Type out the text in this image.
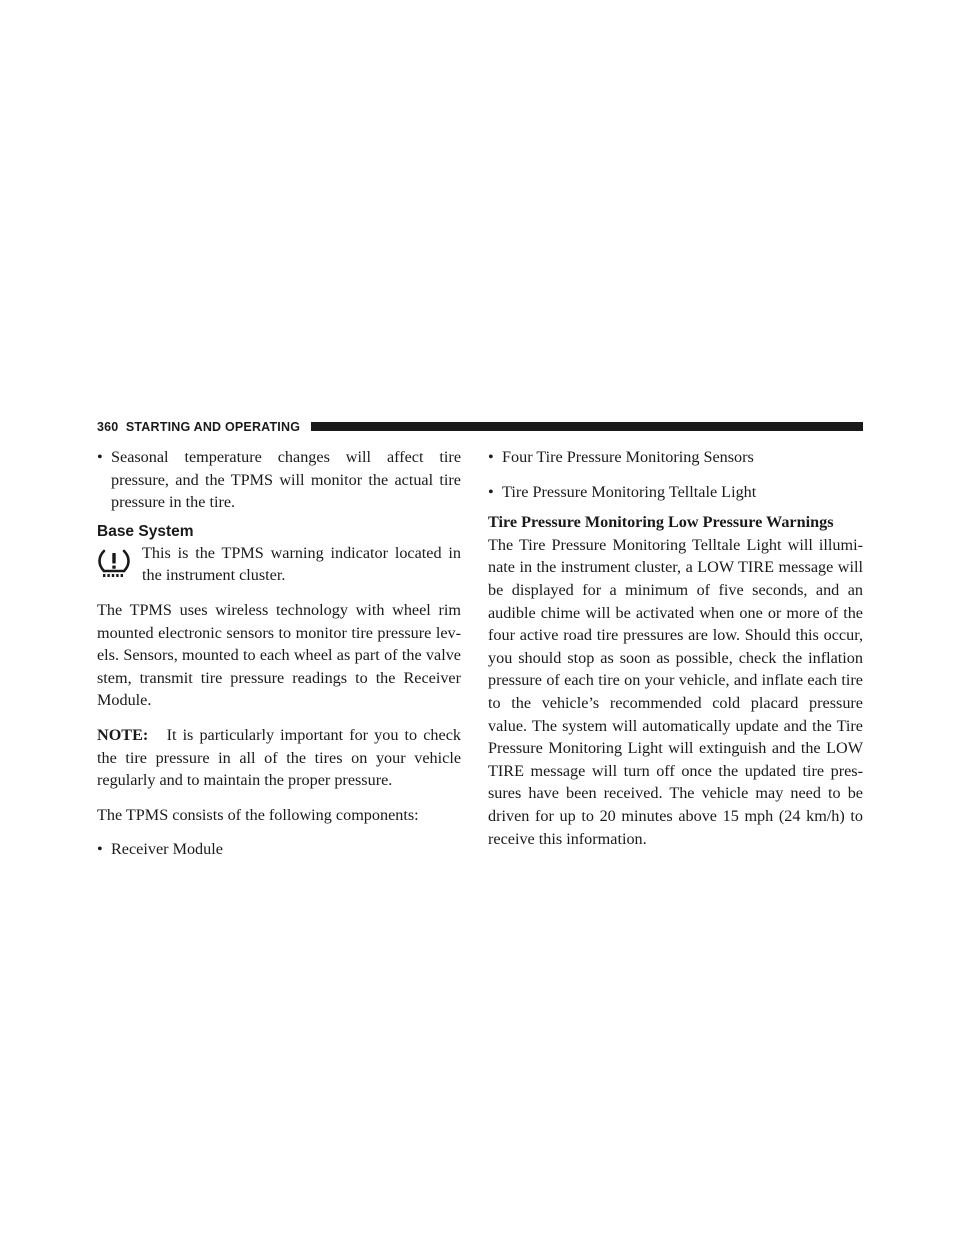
360 STARTING AND OPERATING
• Seasonal temperature changes will affect tire pressure, and the TPMS will monitor the actual tire pressure in the tire.
Base System

This is the TPMS warning indicator located in the instrument cluster.

The TPMS uses wireless technology with wheel rim mounted electronic sensors to monitor tire pressure lev-els. Sensors, mounted to each wheel as part of the valve stem, transmit tire pressure readings to the Receiver Module.

NOTE: It is particularly important for you to check the tire pressure in all of the tires on your vehicle regularly and to maintain the proper pressure.

The TPMS consists of the following components:

• Receiver Module
• Four Tire Pressure Monitoring Sensors
• Tire Pressure Monitoring Telltale Light

Tire Pressure Monitoring Low Pressure Warnings

The Tire Pressure Monitoring Telltale Light will illumi-nate in the instrument cluster, a LOW TIRE message will be displayed for a minimum of five seconds, and an audible chime will be activated when one or more of the four active road tire pressures are low. Should this occur, you should stop as soon as possible, check the inflation pressure of each tire on your vehicle, and inflate each tire to the vehicle’s recommended cold placard pressure value. The system will automatically update and the Tire Pressure Monitoring Light will extinguish and the LOW TIRE message will turn off once the updated tire pres-sures have been received. The vehicle may need to be driven for up to 20 minutes above 15 mph (24 km/h) to receive this information.
